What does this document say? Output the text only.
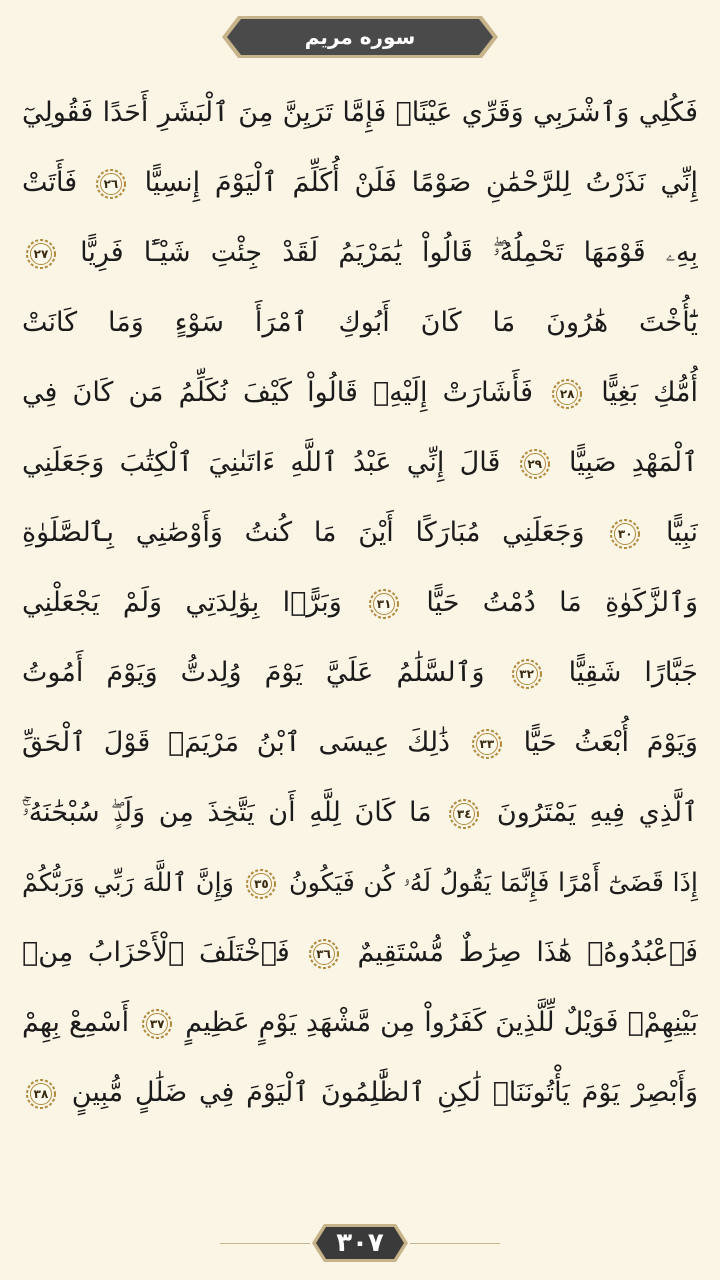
سوره مريم
فَكُلِي وَٱشْرَبِي وَقَرِّي عَيْنًاۖ فَإِمَّا تَرَيِنَّ مِنَ ٱلْبَشَرِ أَحَدًا فَقُولِيٓ
إِنِّي نَذَرْتُ لِلرَّحْمَٰنِ صَوْمًا فَلَنْ أُكَلِّمَ ٱلْيَوْمَ إِنسِيًّا
٢٦
فَأَتَتْ
بِهِۦ قَوْمَهَا تَحْمِلُهُۥۖ قَالُواْ يَٰمَرْيَمُ لَقَدْ جِئْتِ شَيْـًٔا فَرِيًّا
٢٧
يَٰٓأُخْتَ هَٰرُونَ مَا كَانَ أَبُوكِ ٱمْرَأَ سَوْءٍ وَمَا كَانَتْ
أُمُّكِ بَغِيًّا
٢٨
فَأَشَارَتْ إِلَيْهِۖ قَالُواْ كَيْفَ نُكَلِّمُ مَن كَانَ فِي
ٱلْمَهْدِ صَبِيًّا
٢٩
قَالَ إِنِّي عَبْدُ ٱللَّهِ ءَاتَىٰنِيَ ٱلْكِتَٰبَ وَجَعَلَنِي
نَبِيًّا
٣٠
وَجَعَلَنِي مُبَارَكًا أَيْنَ مَا كُنتُ وَأَوْصَٰنِي بِٱلصَّلَوٰةِ
وَٱلزَّكَوٰةِ مَا دُمْتُ حَيًّا
٣١
وَبَرًّۢا بِوَٰلِدَتِي وَلَمْ يَجْعَلْنِي
جَبَّارًا شَقِيًّا
٣٢
وَٱلسَّلَٰمُ عَلَيَّ يَوْمَ وُلِدتُّ وَيَوْمَ أَمُوتُ
وَيَوْمَ أُبْعَثُ حَيًّا
٣٣
ذَٰلِكَ عِيسَى ٱبْنُ مَرْيَمَۖ قَوْلَ ٱلْحَقِّ
ٱلَّذِي فِيهِ يَمْتَرُونَ
٣٤
مَا كَانَ لِلَّهِ أَن يَتَّخِذَ مِن وَلَدٍۖ سُبْحَٰنَهُۥٓۚ
إِذَا قَضَىٰٓ أَمْرًا فَإِنَّمَا يَقُولُ لَهُۥ كُن فَيَكُونُ
٣٥
وَإِنَّ ٱللَّهَ رَبِّي وَرَبُّكُمْ
فَٱعْبُدُوهُۚ هَٰذَا صِرَٰطٌ مُّسْتَقِيمٌ
٣٦
فَٱخْتَلَفَ ٱلْأَحْزَابُ مِنۢ
بَيْنِهِمْۖ فَوَيْلٌ لِّلَّذِينَ كَفَرُواْ مِن مَّشْهَدِ يَوْمٍ عَظِيمٍ
٣٧
أَسْمِعْ بِهِمْ
وَأَبْصِرْ يَوْمَ يَأْتُونَنَاۖ لَٰكِنِ ٱلظَّٰلِمُونَ ٱلْيَوْمَ فِي ضَلَٰلٍ مُّبِينٍ
٣٨
٣٠٧
